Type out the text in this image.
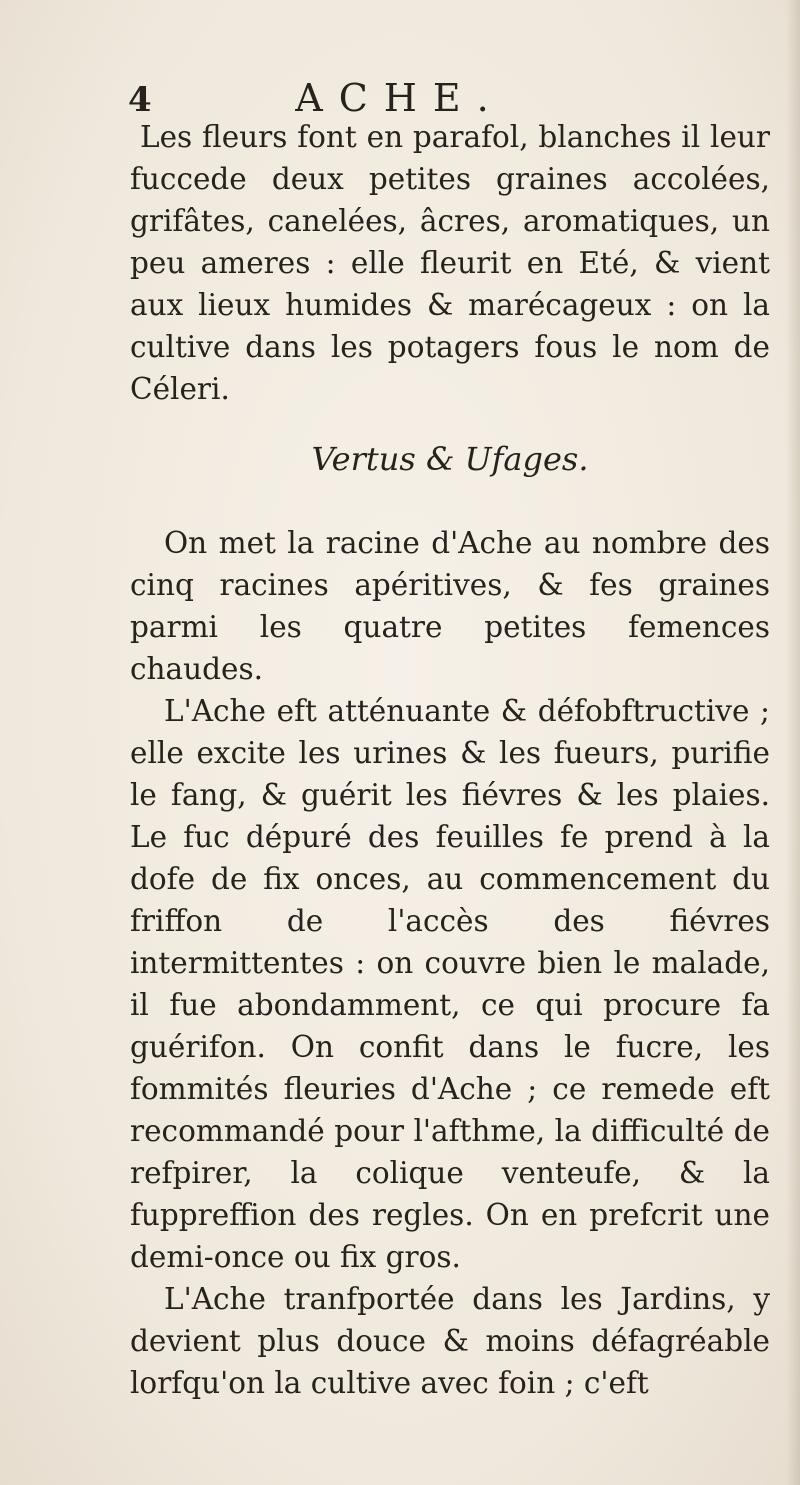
4	ACHE.

Les fleurs font en parafol, blanches il leur fuccede deux petites graines accolées, grifâtes, canelées, âcres, aromatiques, un peu ameres : elle fleurit en Eté, & vient aux lieux humides & marécageux : on la cultive dans les potagers fous le nom de Céleri.

Vertus & Ufages.

On met la racine d'Ache au nombre des cinq racines apéritives, & fes graines parmi les quatre petites femences chaudes.

L'Ache eft atténuante & défobftructive ; elle excite les urines & les fueurs, purifie le fang, & guérit les fiévres & les plaies. Le fuc dépuré des feuilles fe prend à la dofe de fix onces, au commencement du friffon de l'accès des fiévres intermittentes : on couvre bien le malade, il fue abondamment, ce qui procure fa guérifon. On confit dans le fucre, les fommités fleuries d'Ache ; ce remede eft recommandé pour l'afthme, la difficulté de refpirer, la colique venteufe, & la fuppreffion des regles. On en prefcrit une demi-once ou fix gros.

L'Ache tranfportée dans les Jardins, y devient plus douce & moins défagréable lorfqu'on la cultive avec foin ; c'eft
